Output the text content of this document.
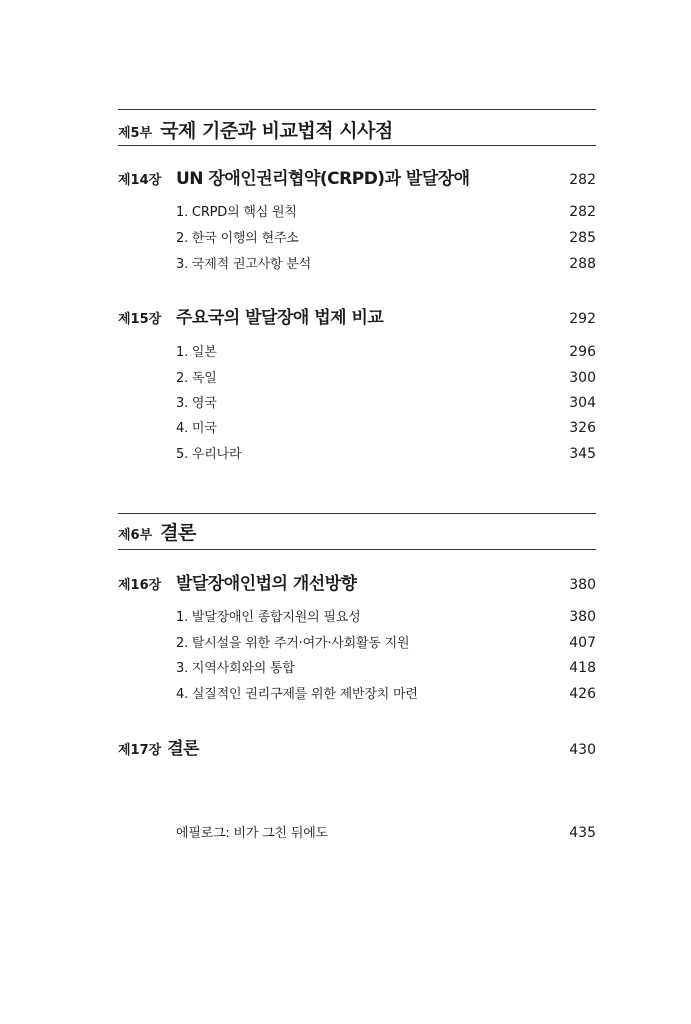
제5부 국제 기준과 비교법적 시사점
제14장 UN 장애인권리협약(CRPD)과 발달장애	282
1. CRPD의 핵심 원칙	282
2. 한국 이행의 현주소	285
3. 국제적 권고사항 분석	288
제15장 주요국의 발달장애 법제 비교	292
1. 일본	296
2. 독일	300
3. 영국	304
4. 미국	326
5. 우리나라	345
제6부 결론
제16장 발달장애인법의 개선방향	380
1. 발달장애인 종합지원의 필요성	380
2. 탈시설을 위한 주거·여가·사회활동 지원	407
3. 지역사회와의 통합	418
4. 실질적인 권리구제를 위한 제반장치 마련	426
제17장 결론	430
에필로그: 비가 그친 뒤에도	435
